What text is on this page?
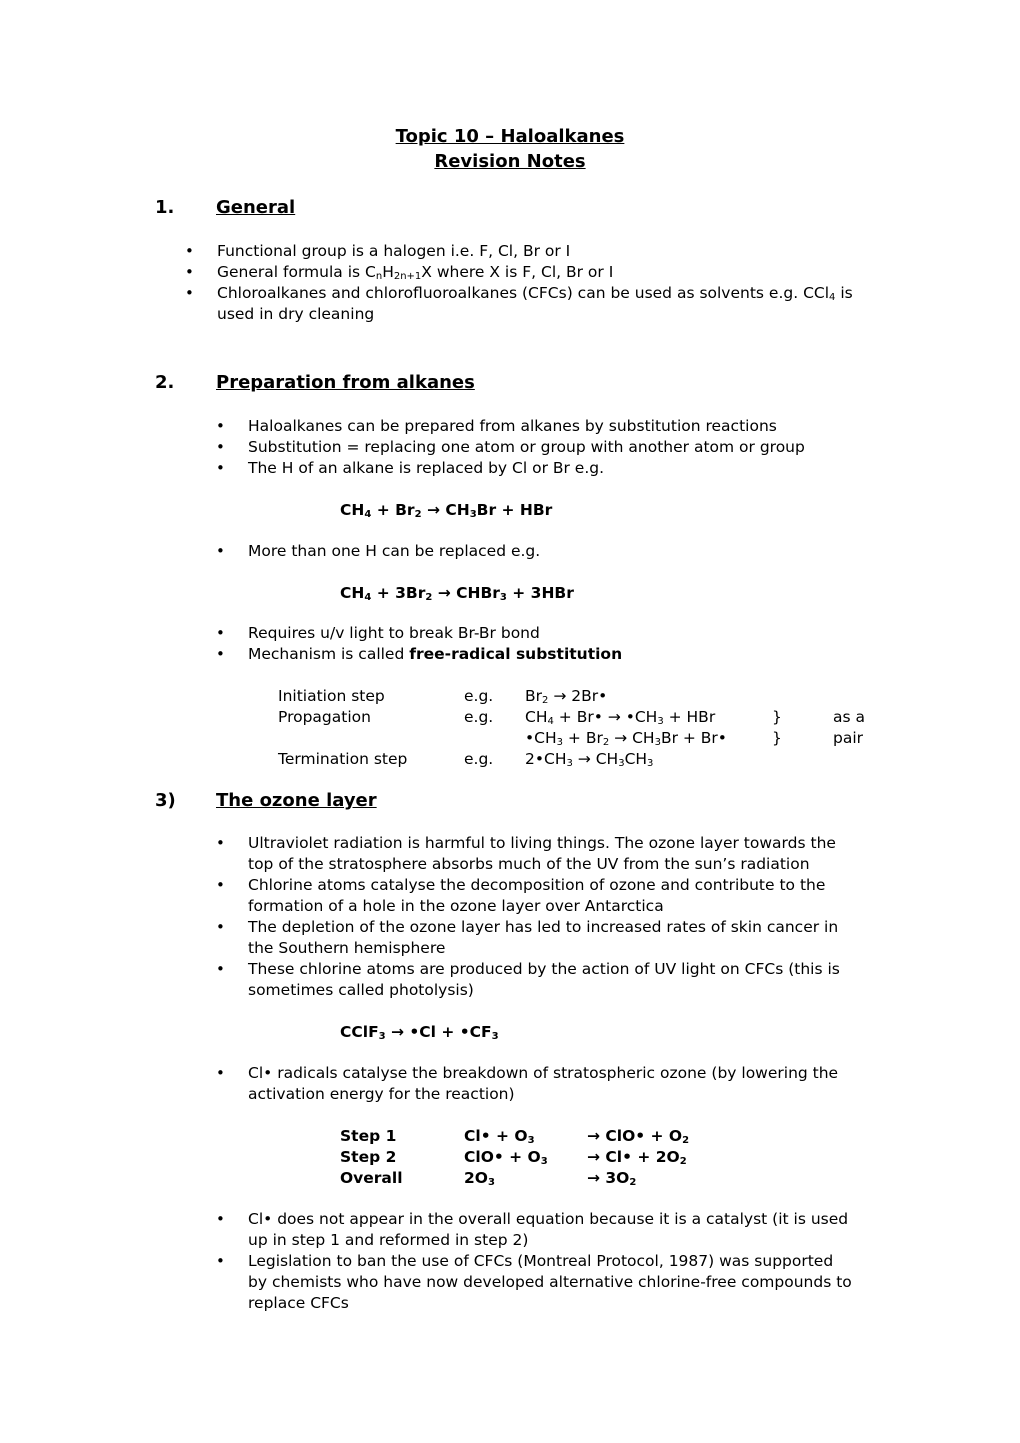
Topic 10 – Haloalkanes
Revision Notes
1. General
• Functional group is a halogen i.e. F, Cl, Br or I
• General formula is $C_nH_{2n+1}X$ where X is F, Cl, Br or I
• Chloroalkanes and chlorofluoroalkanes (CFCs) can be used as solvents e.g. CCl$_4$ is used in dry cleaning
2. Preparation from alkanes
• Haloalkanes can be prepared from alkanes by substitution reactions
• Substitution = replacing one atom or group with another atom or group
• The H of an alkane is replaced by Cl or Br e.g.
$CH_4 + Br_2 \to CH_3Br$ + HBr
• More than one H can be replaced e.g.
$CH_4 + 3Br_2$ → CHBr$_3$ + 3HBr
• Requires u/v light to break Br-Br bond
• Mechanism is called free-radical substitution
Initiation step	e.g. $Br_2$ → 2Br•
Propagation	e.g. $CH_4$ + Br• → $•CH_3$ + HBr	}	as a
$•CH_3 + Br_2 \to CH_3Br$ + Br•	}	pair
Termination step	e.g. $2•CH_3 \to CH_3CH_3$
3) The ozone layer
• Ultraviolet radiation is harmful to living things. The ozone layer towards the top of the stratosphere absorbs much of the UV from the sun’s radiation
• Chlorine atoms catalyse the decomposition of ozone and contribute to the formation of a hole in the ozone layer over Antarctica
• The depletion of the ozone layer has led to increased rates of skin cancer in the Southern hemisphere
• These chlorine atoms are produced by the action of UV light on CFCs (this is sometimes called photolysis)
CClF$_3$ → •Cl + $•CF_3$
• Cl• radicals catalyse the breakdown of stratospheric ozone (by lowering the activation energy for the reaction)
Step 1	Cl• + $O_3$	→ ClO• + $O_2$
Step 2	ClO• + $O_3$	→ Cl• + $2O_2$
Overall	$2O_3$	→ $3O_2$
• Cl• does not appear in the overall equation because it is a catalyst (it is used up in step 1 and reformed in step 2)
• Legislation to ban the use of CFCs (Montreal Protocol, 1987) was supported by chemists who have now developed alternative chlorine-free compounds to replace CFCs
